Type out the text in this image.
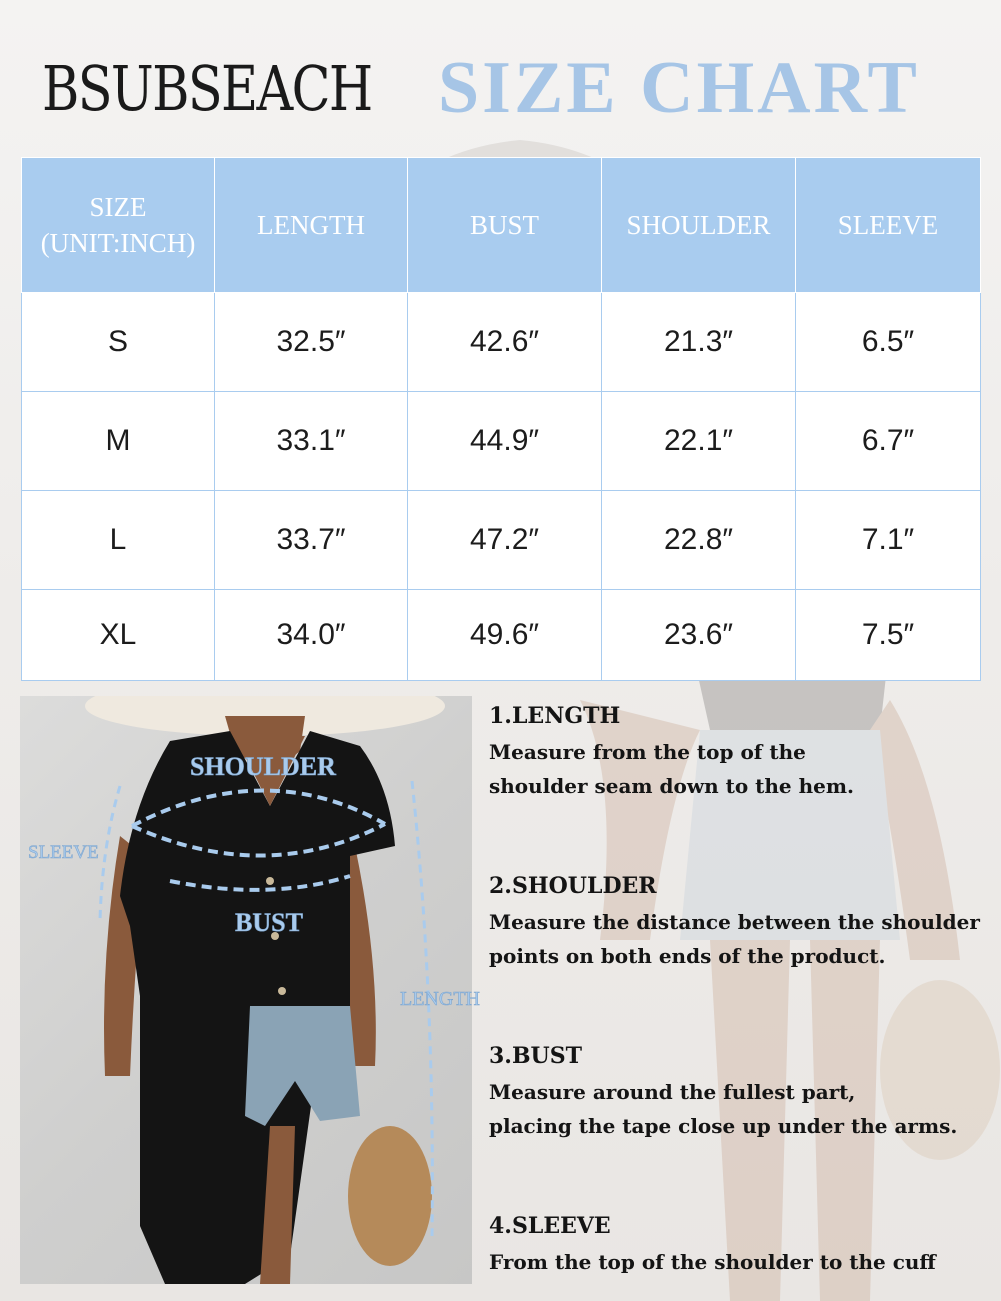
BSUBSEACH SIZE CHART
SIZE
(UNIT:INCH)	LENGTH	BUST	SHOULDER	SLEEVE
S	32.5″	42.6″	21.3″	6.5″
M	33.1″	44.9″	22.1″	6.7″
L	33.7″	47.2″	22.8″	7.1″
XL	34.0″	49.6″	23.6″	7.5″
SHOULDER
SLEEVE
BUST
LENGTH

1.LENGTH

Measure from the top of the

shoulder seam down to the hem.

2.SHOULDER

Measure the distance between the shoulder

points on both ends of the product.

3.BUST

Measure around the fullest part,

placing the tape close up under the arms.

4.SLEEVE

From the top of the shoulder to the cuff
